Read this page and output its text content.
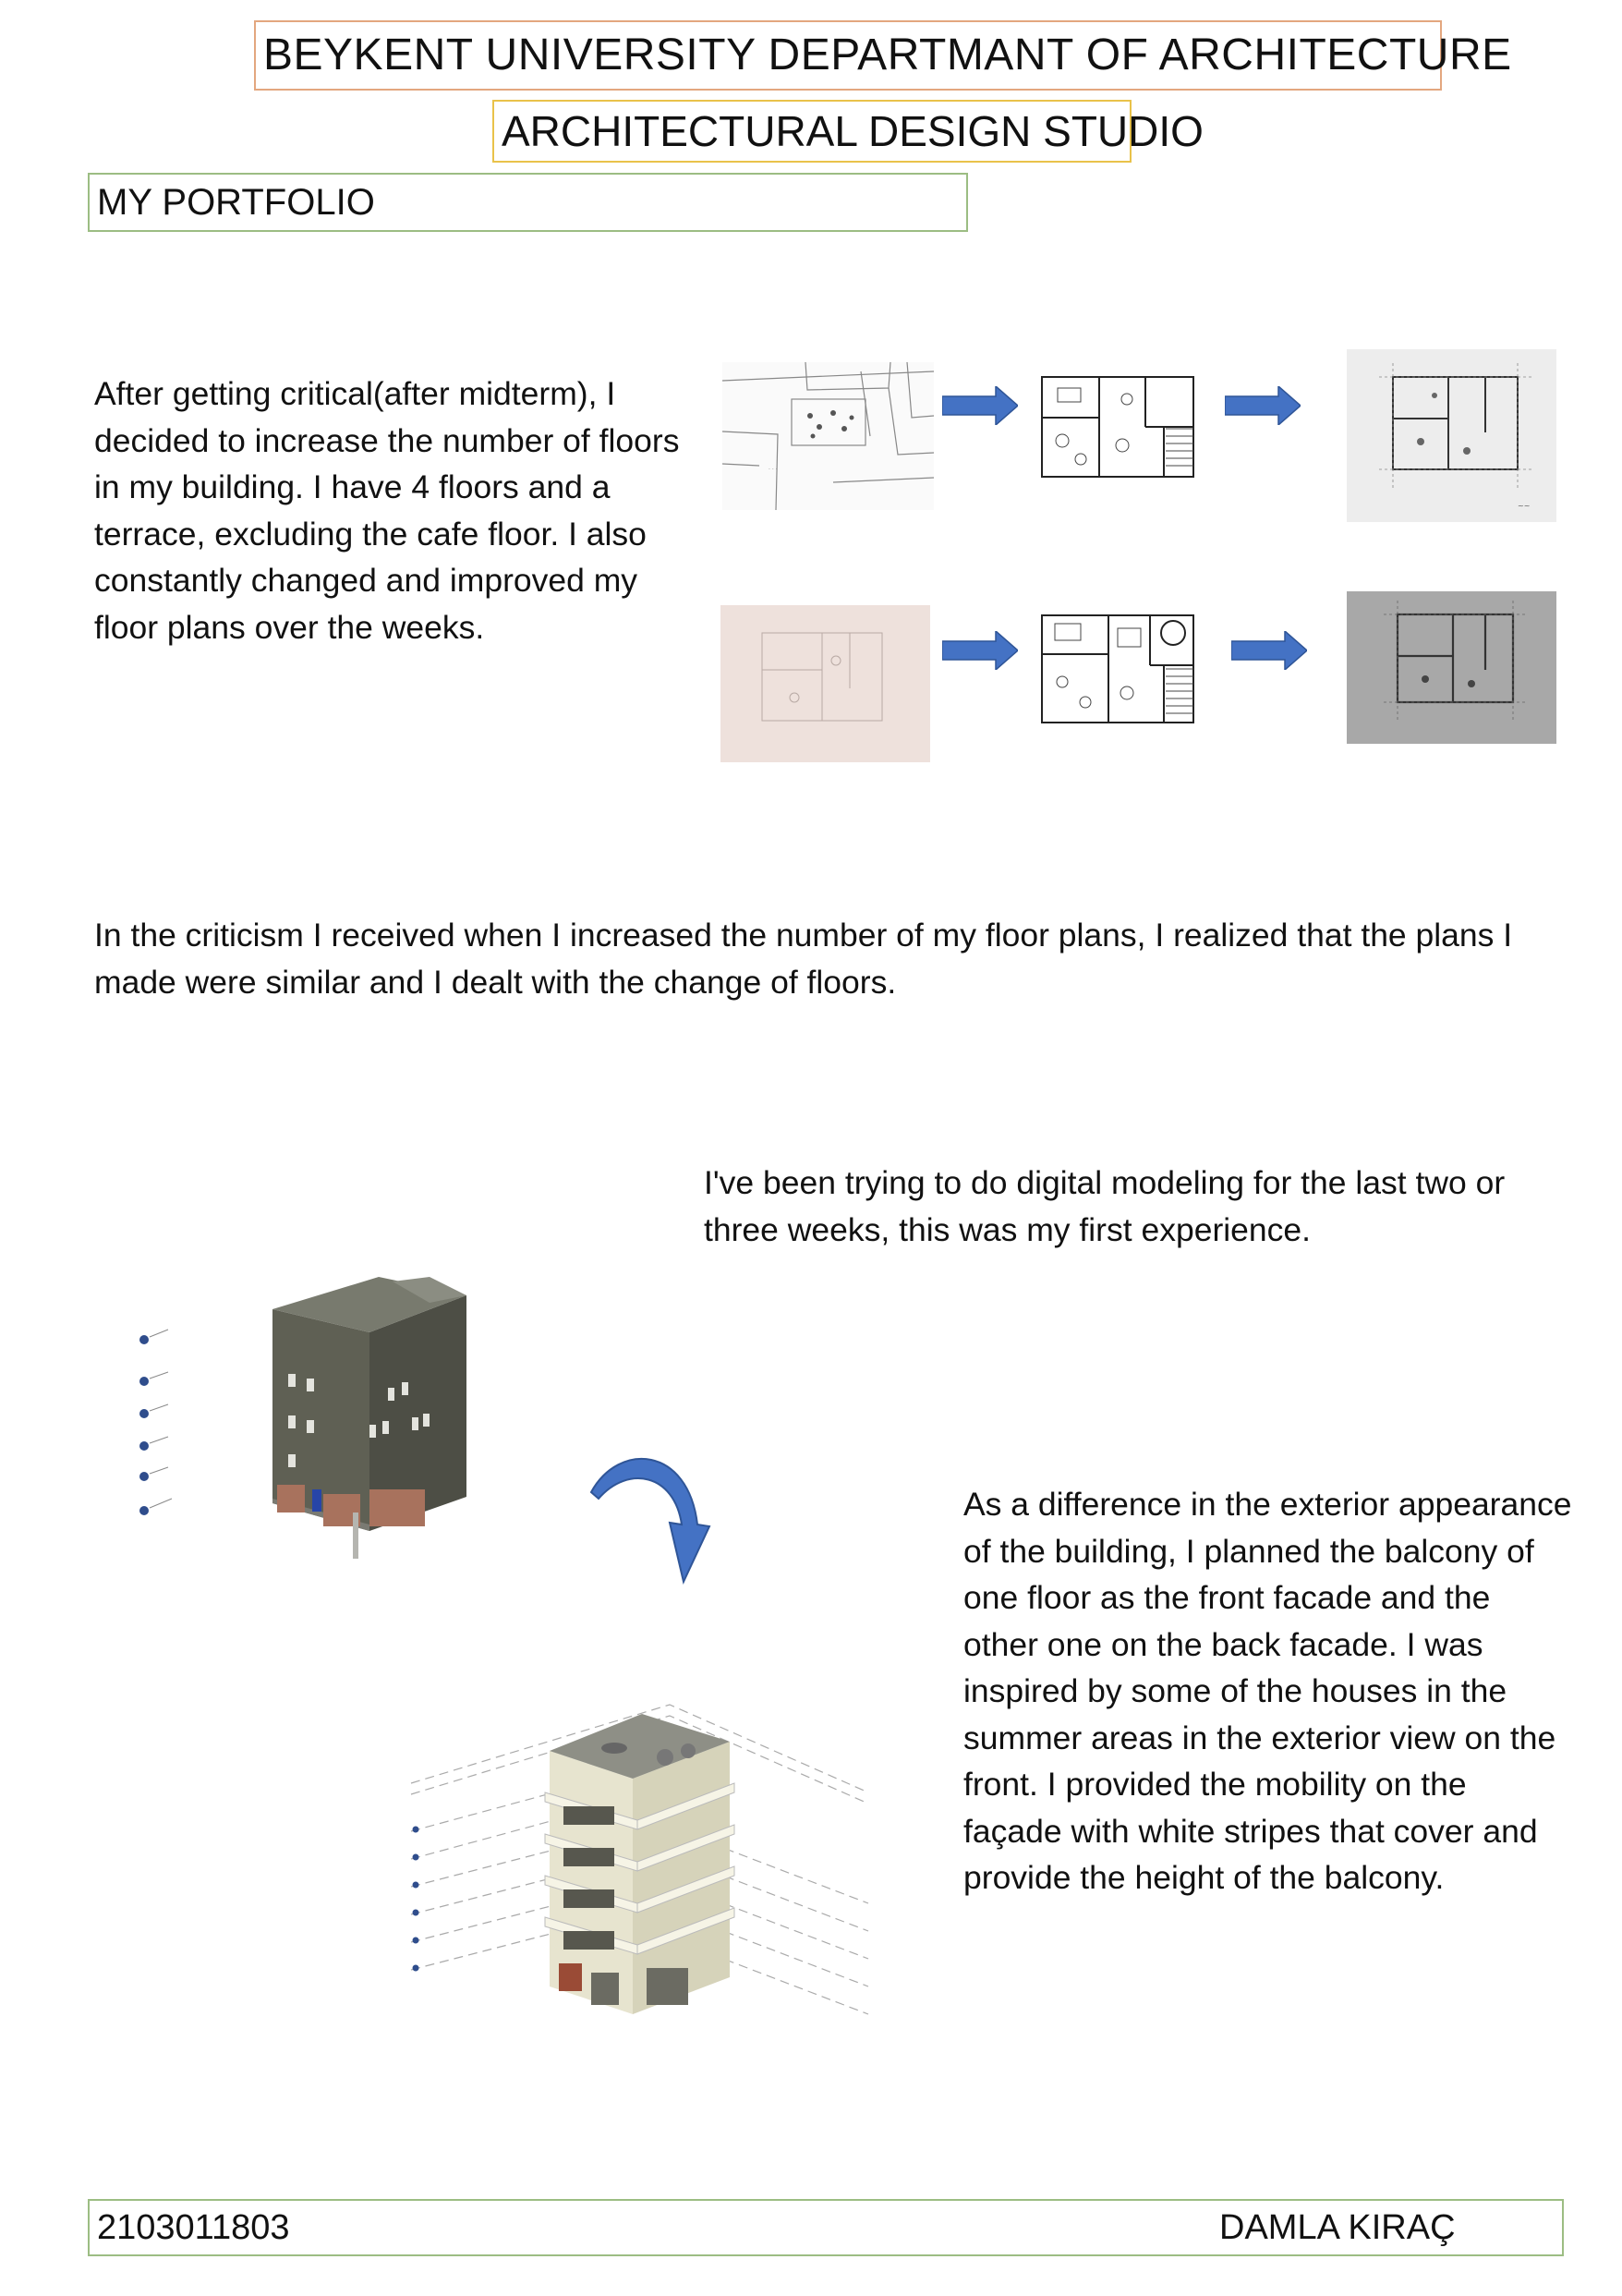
BEYKENT UNIVERSITY DEPARTMANT OF ARCHITECTURE
ARCHITECTURAL DESIGN STUDIO
MY PORTFOLIO

After getting critical(after midterm), I decided to increase the number of floors in my building. I have 4 floors and a terrace, excluding the cafe floor. I also constantly changed and improved my floor plans over the weeks.

· · ·
~~

In the criticism I received when I increased the number of my floor plans, I realized that the plans I made were similar and I dealt with the change of floors.

I've been trying to do digital modeling for the last two or three weeks, this was my first experience.

As a difference in the exterior appearance of the building, I planned the balcony of one floor as the front facade and the other one on the back facade. I was inspired by some of the houses in the summer areas in the exterior view on the front. I provided the mobility on the façade with white stripes that cover and provide the height of the balcony.

2103011803	DAMLA KIRAÇ
